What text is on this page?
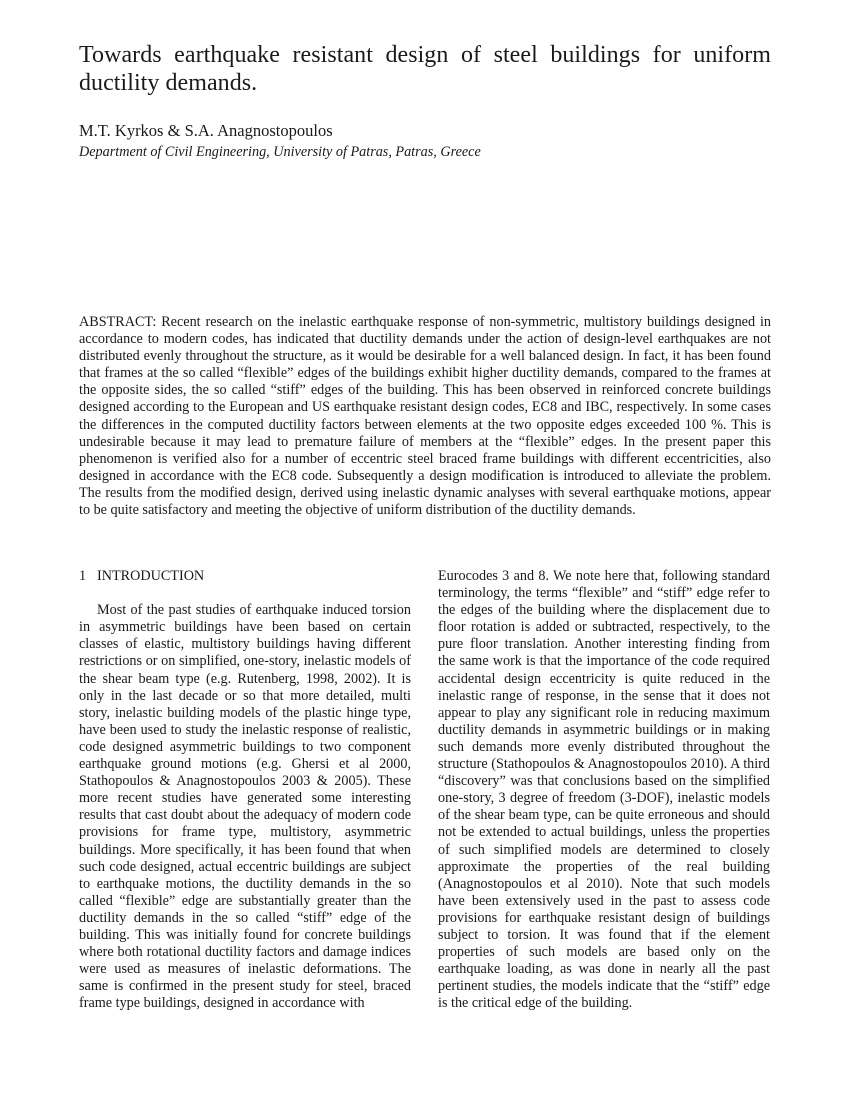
Towards earthquake resistant design of steel buildings for uniform ductility demands.
M.T. Kyrkos & S.A. Anagnostopoulos
Department of Civil Engineering, University of Patras, Patras, Greece

ABSTRACT: Recent research on the inelastic earthquake response of non-symmetric, multistory buildings designed in accordance to modern codes, has indicated that ductility demands under the action of design-level earthquakes are not distributed evenly throughout the structure, as it would be desirable for a well balanced design. In fact, it has been found that frames at the so called “flexible” edges of the buildings exhibit higher ductility demands, compared to the frames at the opposite sides, the so called “stiff” edges of the building. This has been observed in reinforced concrete buildings designed according to the European and US earthquake resistant design codes, EC8 and IBC, respectively. In some cases the differences in the computed ductility factors between elements at the two opposite edges exceeded 100 %. This is undesirable because it may lead to premature failure of members at the “flexible” edges. In the present paper this phenomenon is verified also for a number of eccentric steel braced frame buildings with different eccentricities, also designed in accordance with the EC8 code. Subsequently a design modification is introduced to alleviate the problem. The results from the modified design, derived using inelastic dynamic analyses with several earthquake motions, appear to be quite satisfactory and meeting the objective of uniform distribution of the ductility demands.

1 INTRODUCTION

Most of the past studies of earthquake induced torsion in asymmetric buildings have been based on certain classes of elastic, multistory buildings having different restrictions or on simplified, one-story, inelastic models of the shear beam type (e.g. Rutenberg, 1998, 2002). It is only in the last decade or so that more detailed, multi story, inelastic building models of the plastic hinge type, have been used to study the inelastic response of realistic, code designed asymmetric buildings to two component earthquake ground motions (e.g. Ghersi et al 2000, Stathopoulos & Anagnostopoulos 2003 & 2005). These more recent studies have generated some interesting results that cast doubt about the adequacy of modern code provisions for frame type, multistory, asymmetric buildings. More specifically, it has been found that when such code designed, actual eccentric buildings are subject to earthquake motions, the ductility demands in the so called “flexible” edge are substantially greater than the ductility demands in the so called “stiff” edge of the building. This was initially found for concrete buildings where both rotational ductility factors and damage indices were used as measures of inelastic deformations. The same is confirmed in the present study for steel, braced frame type buildings, designed in accordance with

Eurocodes 3 and 8. We note here that, following standard terminology, the terms “flexible” and “stiff” edge refer to the edges of the building where the displacement due to floor rotation is added or subtracted, respectively, to the pure floor translation. Another interesting finding from the same work is that the importance of the code required accidental design eccentricity is quite reduced in the inelastic range of response, in the sense that it does not appear to play any significant role in reducing maximum ductility demands in asymmetric buildings or in making such demands more evenly distributed throughout the structure (Stathopoulos & Anagnostopoulos 2010). A third “discovery” was that conclusions based on the simplified one-story, 3 degree of freedom (3-DOF), inelastic models of the shear beam type, can be quite erroneous and should not be extended to actual buildings, unless the properties of such simplified models are determined to closely approximate the properties of the real building (Anagnostopoulos et al 2010). Note that such models have been extensively used in the past to assess code provisions for earthquake resistant design of buildings subject to torsion. It was found that if the element properties of such models are based only on the earthquake loading, as was done in nearly all the past pertinent studies, the models indicate that the “stiff” edge is the critical edge of the building.
